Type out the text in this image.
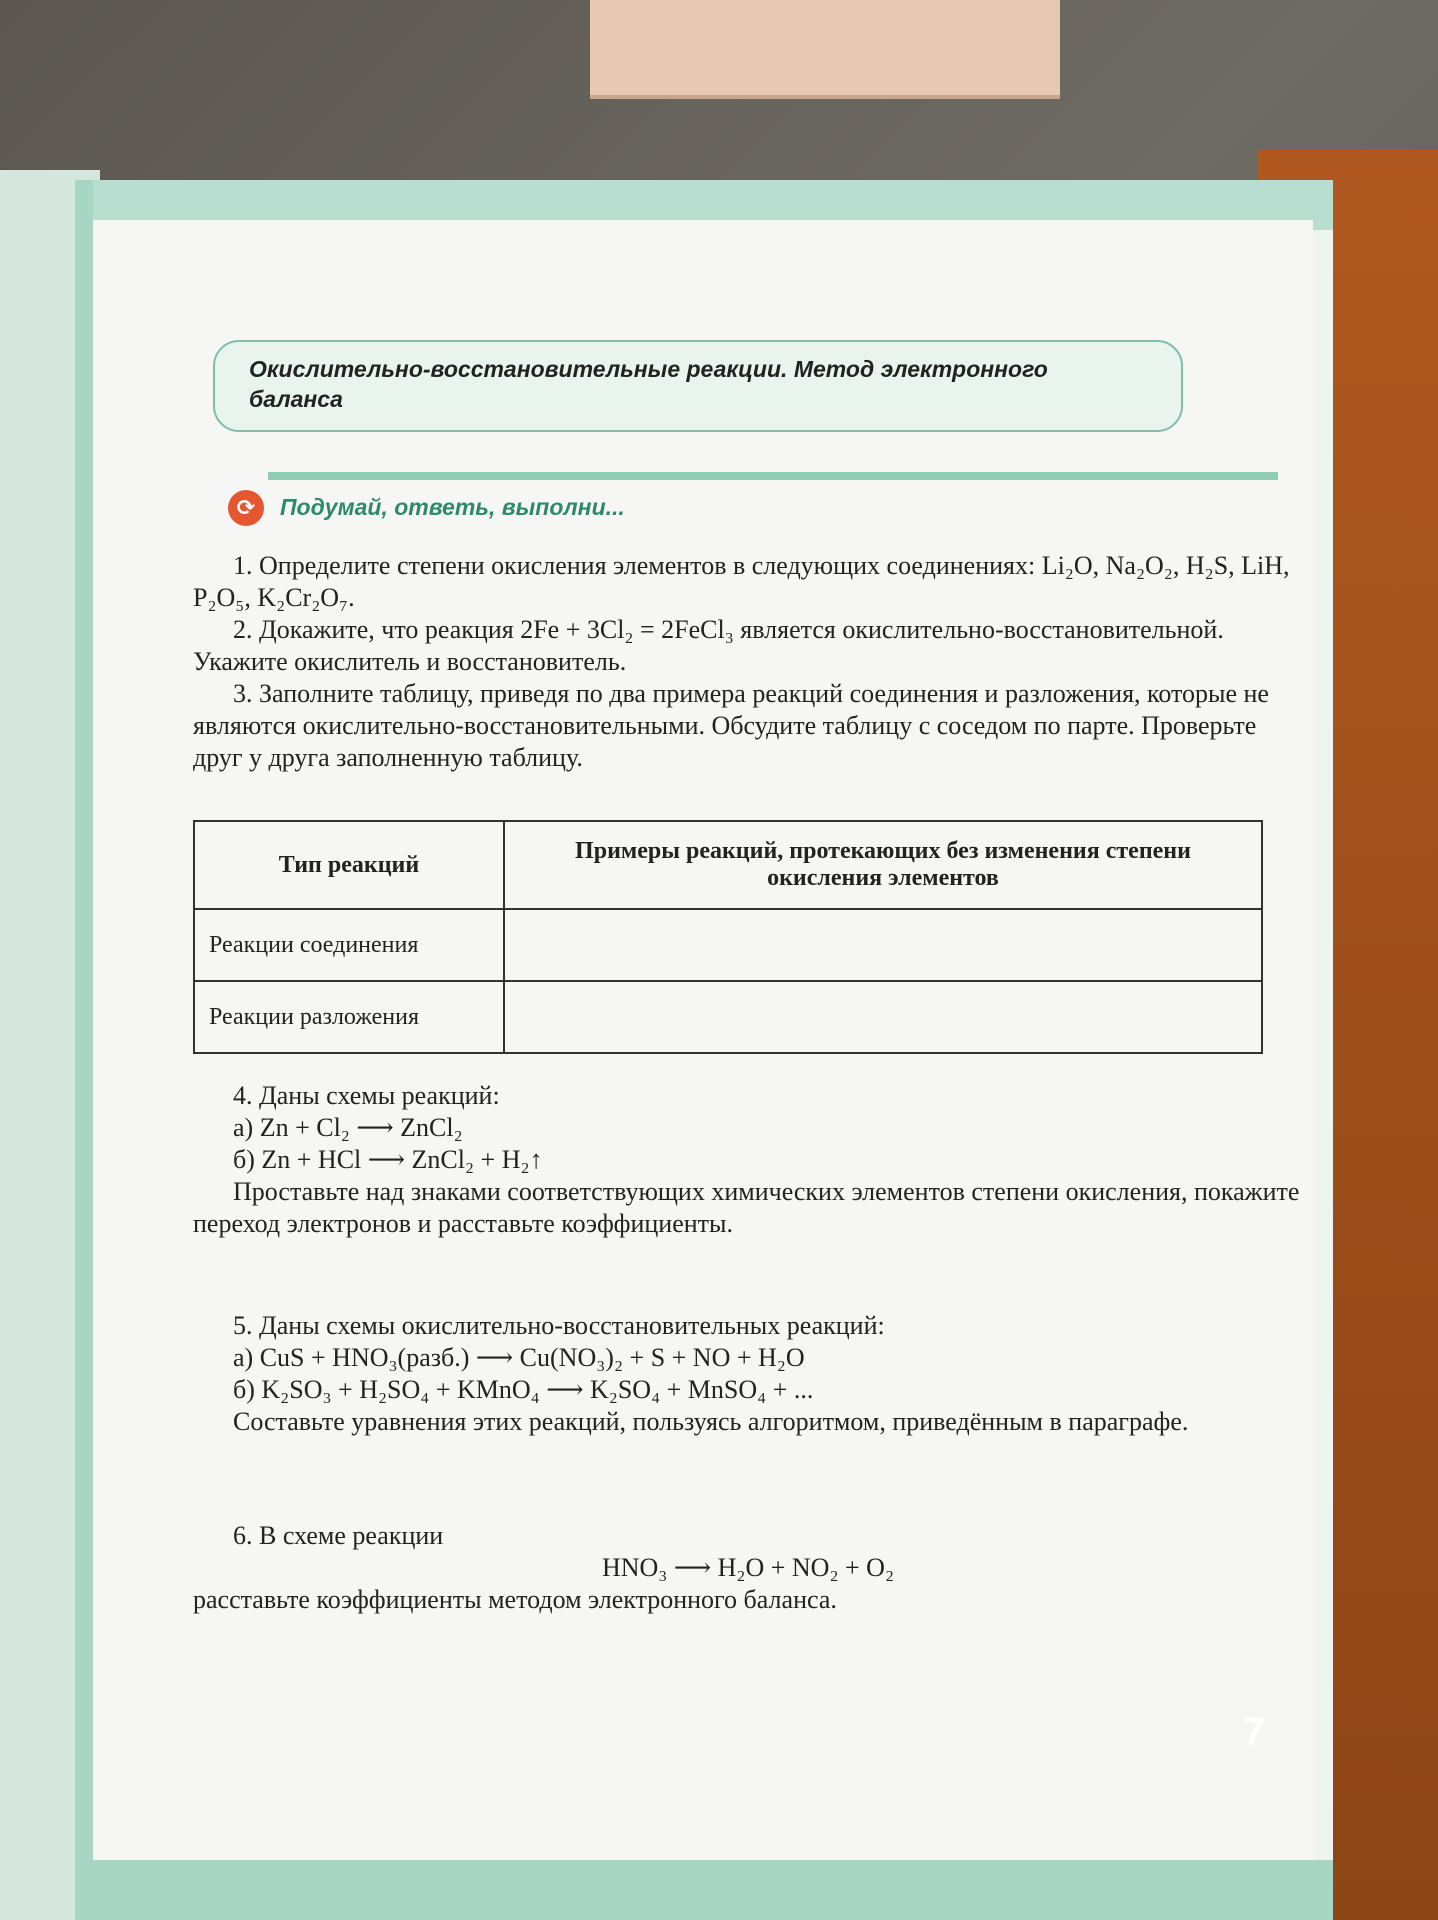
Окислительно-восстановительные реакции. Метод электронного баланса
⟳	Подумай, ответь, выполни...

1. Определите степени окисления элементов в следующих соединениях: Li₂O, Na₂O₂, H₂S, LiH, P₂O₅, K₂Cr₂O₇.

2. Докажите, что реакция 2Fe + 3Cl₂ = 2FeCl₃ является окислительно-восстановительной. Укажите окислитель и восстановитель.

3. Заполните таблицу, приведя по два примера реакций соединения и разложения, которые не являются окислительно-восстановительными. Обсудите таблицу с соседом по парте. Проверьте друг у друга заполненную таблицу.

Тип реакций	Примеры реакций, протекающих без изменения степени окисления элементов
Реакции соединения	
Реакции разложения	

4. Даны схемы реакций:

а) Zn + Cl₂ ⟶ ZnCl₂

б) Zn + HCl ⟶ ZnCl₂ + H₂↑

Проставьте над знаками соответствующих химических элементов степени окисления, покажите переход электронов и расставьте коэффициенты.

5. Даны схемы окислительно-восстановительных реакций:

а) CuS + HNO₃(разб.) ⟶ Cu(NO₃)₂ + S + NO + H₂O

б) K₂SO₃ + H₂SO₄ + KMnO₄ ⟶ K₂SO₄ + MnSO₄ + ...

Составьте уравнения этих реакций, пользуясь алгоритмом, приведённым в параграфе.

6. В схеме реакции

HNO₃ ⟶ H₂O + NO₂ + O₂

расставьте коэффициенты методом электронного баланса.

7
